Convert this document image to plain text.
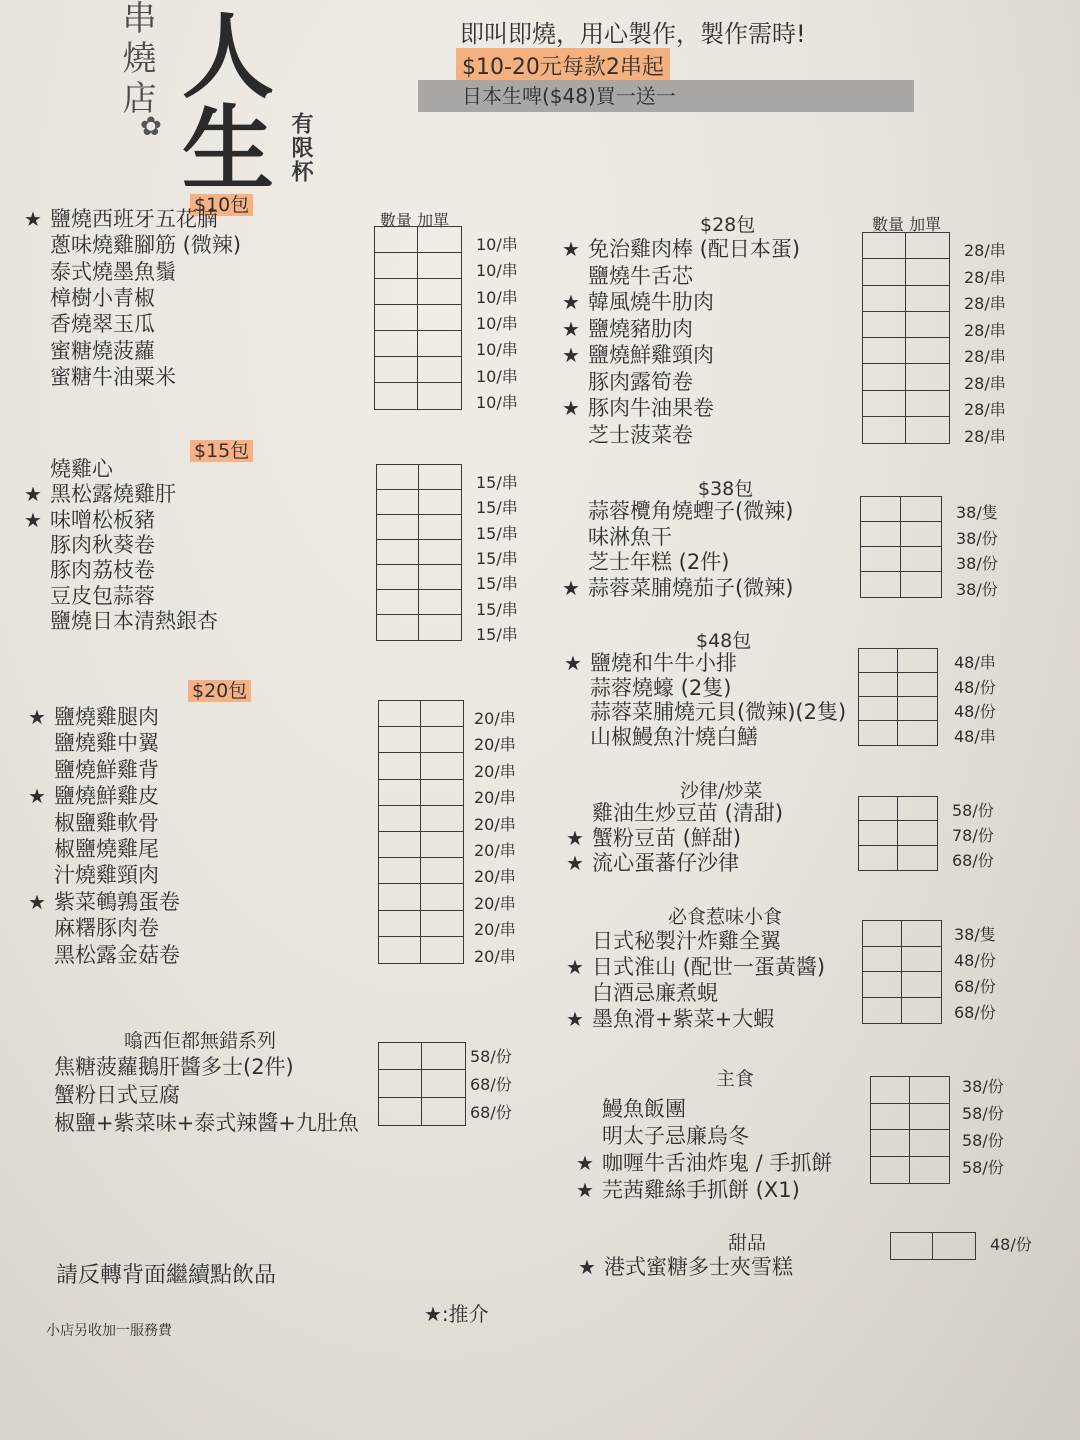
串燒店 人生 有限杯
✿
即叫即燒，用心製作，製作需時!
$10-20元每款2串起
日本生啤($48)買一送一
數量 加單	數量 加單
$10包
★ 鹽燒西班牙五花腩
10/串
蔥味燒雞腳筋 (微辣)
10/串
泰式燒墨魚鬚
10/串
樟樹小青椒
10/串
香燒翠玉瓜
10/串
蜜糖燒菠蘿
10/串
蜜糖牛油粟米
10/串
$15包
燒雞心
15/串
★ 黑松露燒雞肝
15/串
★ 味噌松板豬
15/串
豚肉秋葵卷
15/串
豚肉荔枝卷
15/串
豆皮包蒜蓉
15/串
鹽燒日本清熱銀杏
15/串
$20包
★ 鹽燒雞腿肉	20/串
鹽燒雞中翼	20/串
鹽燒鮮雞背	20/串
★ 鹽燒鮮雞皮	20/串
椒鹽雞軟骨	20/串
椒鹽燒雞尾	20/串
汁燒雞頸肉	20/串
★ 紫菜鵪鶉蛋卷	20/串
麻糬豚肉卷	20/串
黑松露金菇卷	20/串
噏西佢都無錯系列
焦糖菠蘿鵝肝醬多士(2件)	58/份
蟹粉日式豆腐	68/份
椒鹽+紫菜味+泰式辣醬+九肚魚	68/份
$28包
★ 免治雞肉棒 (配日本蛋)	28/串
鹽燒牛舌芯	28/串
★ 韓風燒牛肋肉	28/串
★ 鹽燒豬肋肉	28/串
★ 鹽燒鮮雞頸肉	28/串
豚肉露筍卷	28/串
★ 豚肉牛油果卷	28/串
芝士菠菜卷	28/串
$38包
蒜蓉欖角燒蟶子(微辣)	38/隻
味淋魚干	38/份
芝士年糕 (2件)	38/份
★ 蒜蓉菜脯燒茄子(微辣)	38/份
$48包
★ 鹽燒和牛牛小排	48/串
蒜蓉燒蠔 (2隻)	48/份
蒜蓉菜脯燒元貝(微辣)(2隻)	48/份
山椒鰻魚汁燒白鱔	48/串
沙律/炒菜
雞油生炒豆苗 (清甜)	58/份
★ 蟹粉豆苗 (鮮甜)	78/份
★ 流心蛋蕃仔沙律	68/份
必食惹味小食
日式秘製汁炸雞全翼	38/隻
★ 日式淮山 (配世一蛋黃醬)	48/份
白酒忌廉煮蜆	68/份
★ 墨魚滑+紫菜+大蝦	68/份
主食
鰻魚飯團
38/份
明太子忌廉烏冬
58/份
★ 咖喱牛舌油炸鬼 / 手抓餅
58/份
★ 芫茜雞絲手抓餅 (X1)
58/份
甜品
★ 港式蜜糖多士夾雪糕
48/份
請反轉背面繼續點飲品
★:推介
小店另收加一服務費
